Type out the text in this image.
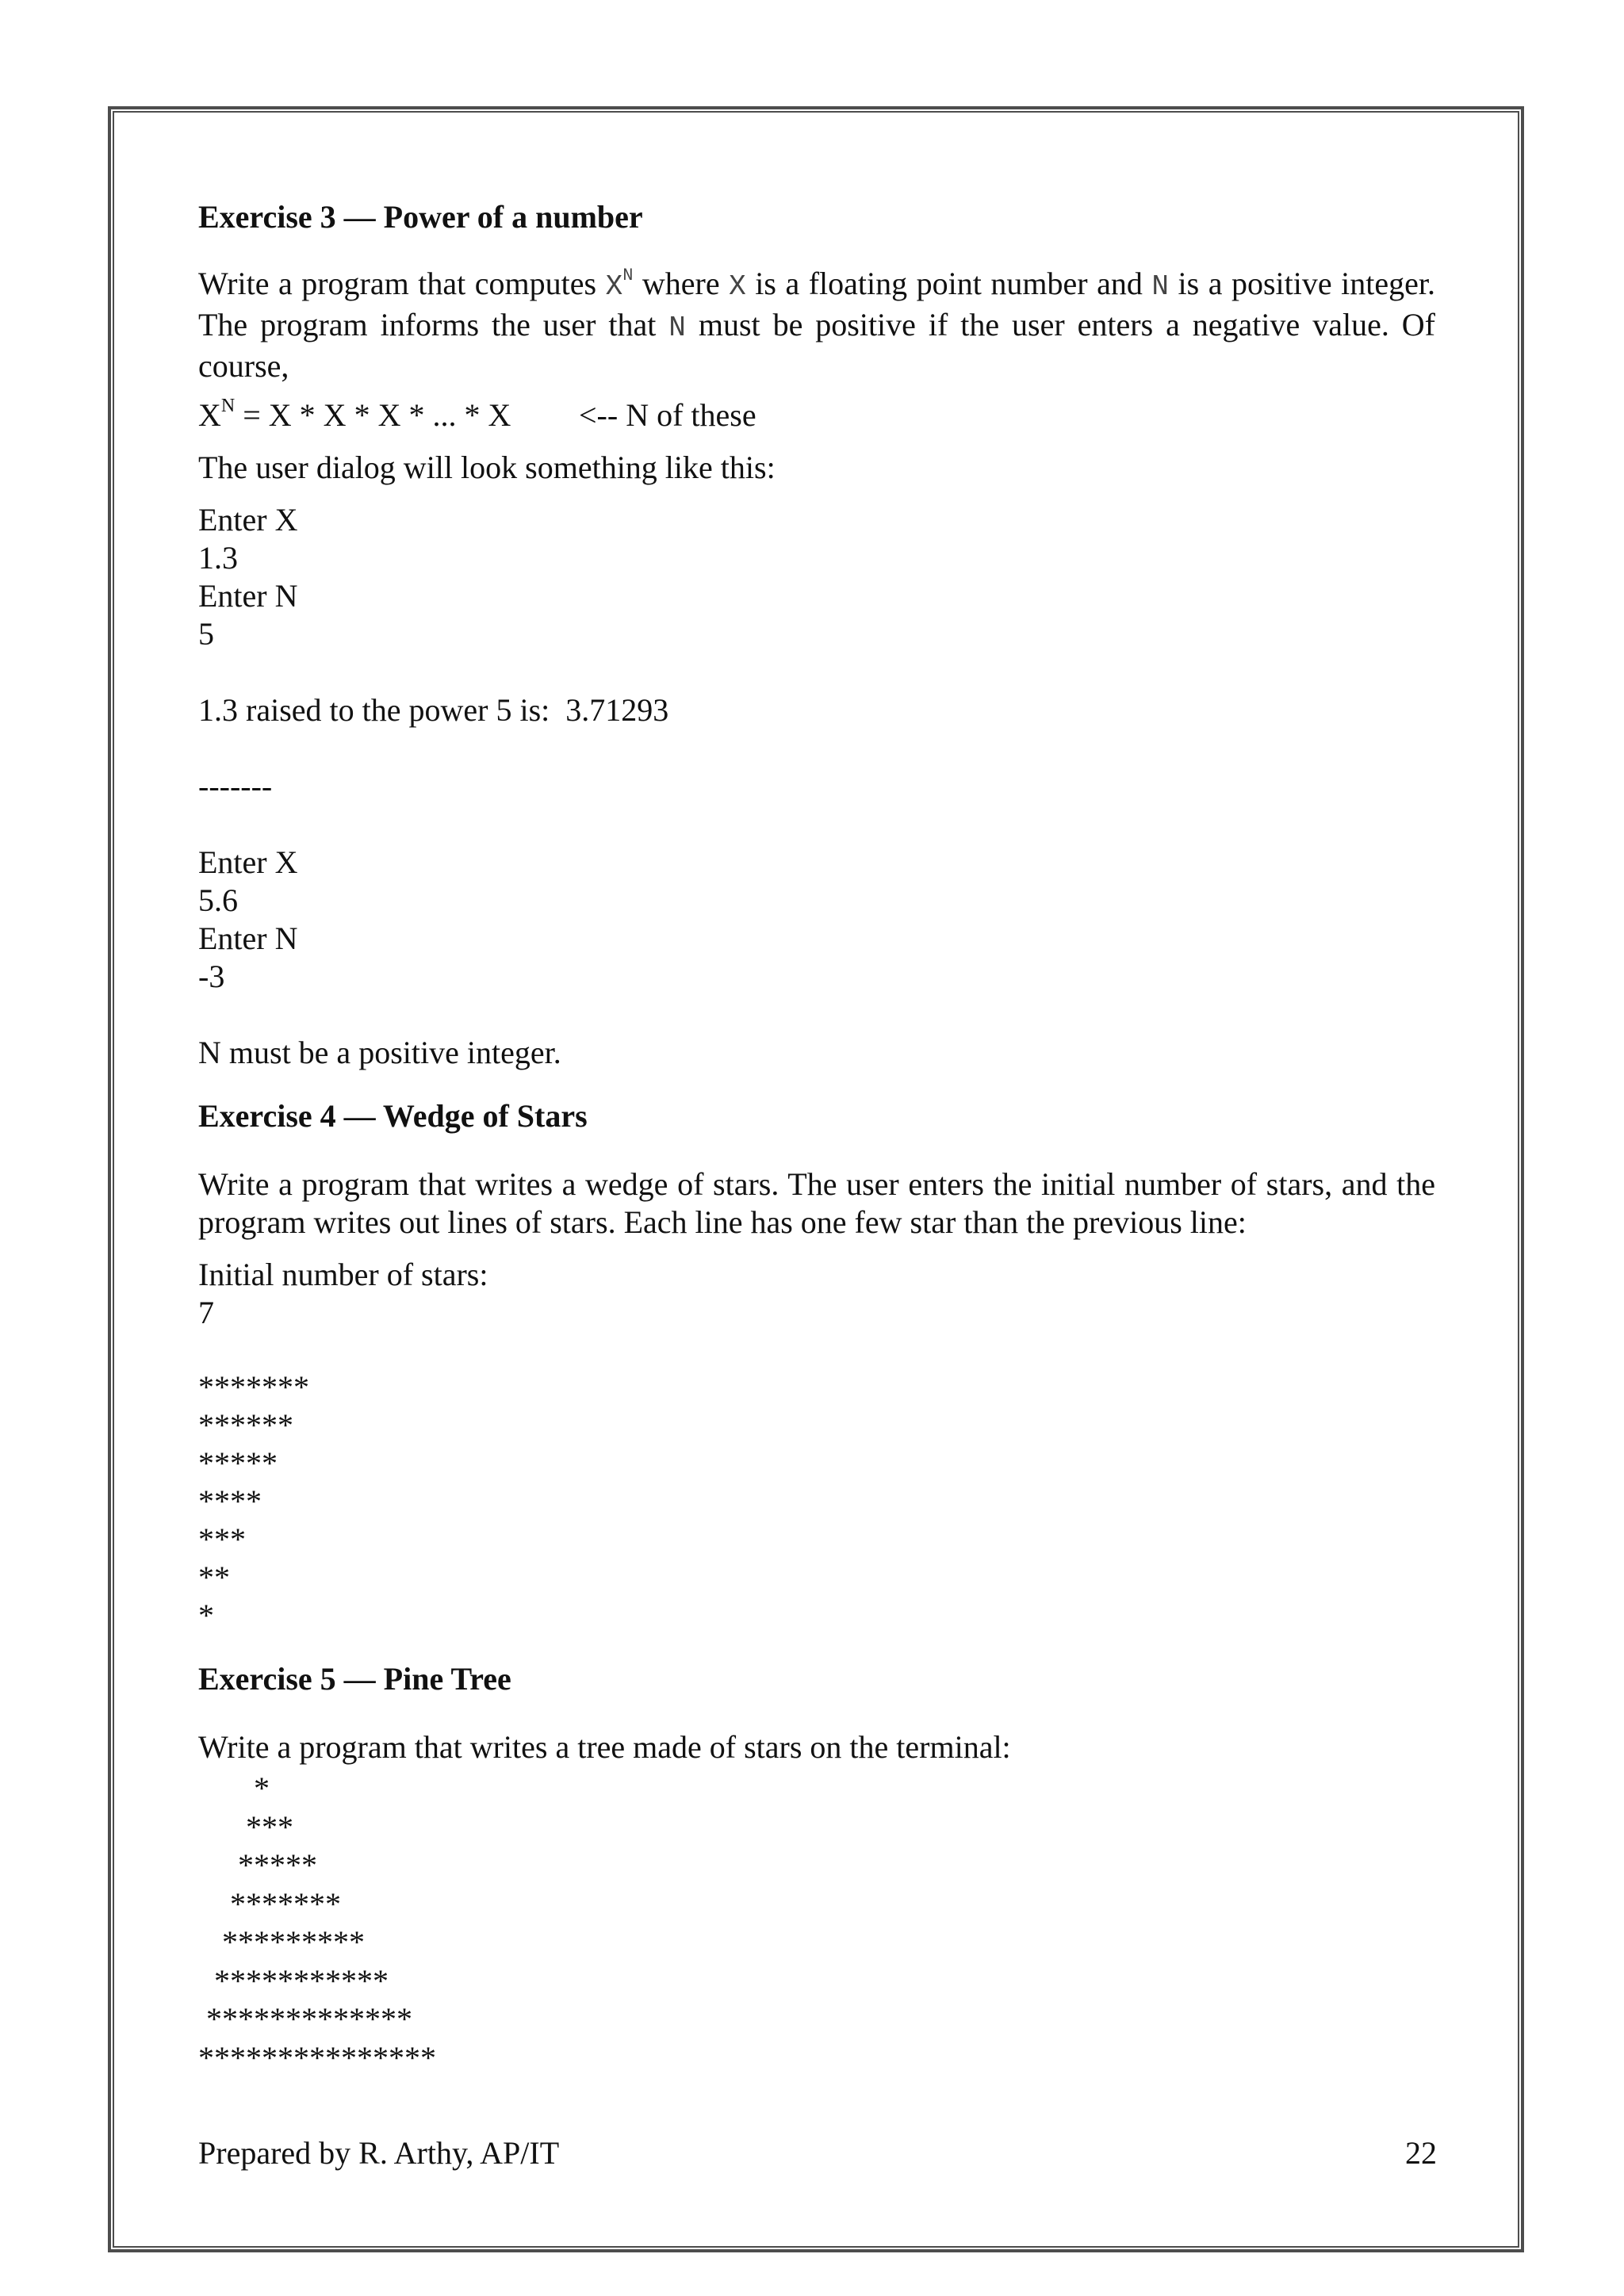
Exercise 3 — Power of a number
Write a program that computes $X^N$ where X is a floating point number and N is a positive integer. The program informs the user that N must be positive if the user enters a negative value. Of course,
$X^N = X * X * X$ * ... * X <-- N of these
The user dialog will look something like this:
Enter X
1.3
Enter N
5
1.3 raised to the power 5 is:  3.71293
-------
Enter X
5.6
Enter N
-3
N must be a positive integer.
Exercise 4 — Wedge of Stars
Write a program that writes a wedge of stars. The user enters the initial number of stars, and the program writes out lines of stars. Each line has one few star than the previous line:
Initial number of stars:
7
*******
******
*****
****
***
**
*
Exercise 5 — Pine Tree
Write a program that writes a tree made of stars on the terminal:
*
***
*****
*******
*********
***********
*************
***************
Prepared by R. Arthy, AP/IT	22
